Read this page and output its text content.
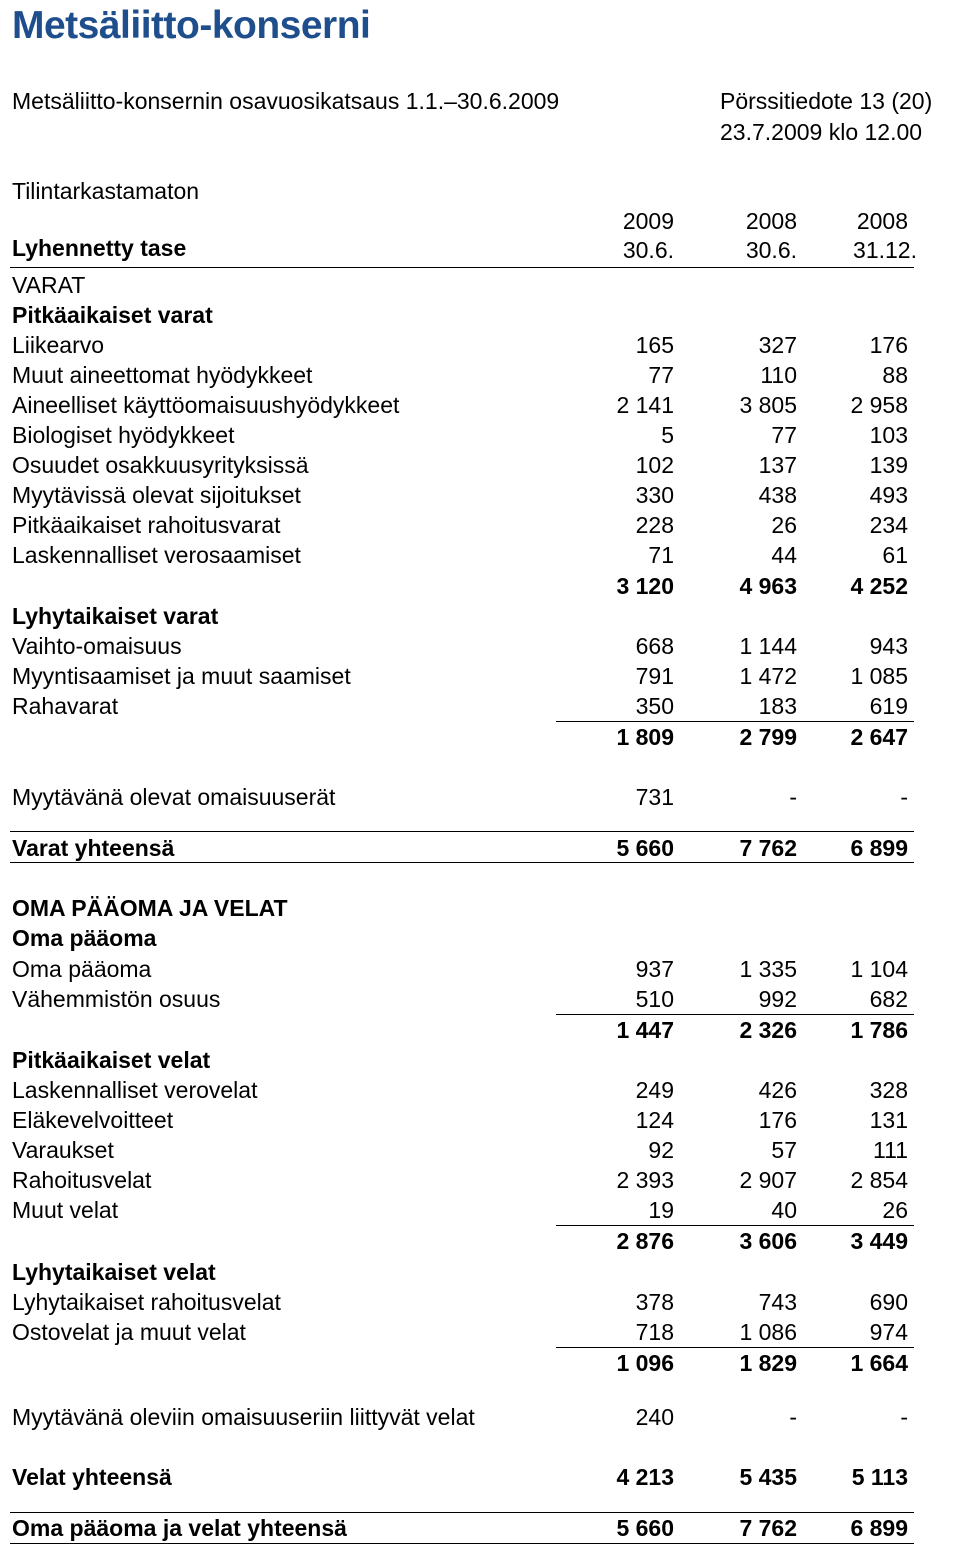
Metsäliitto-konserni
Metsäliitto-konsernin osavuosikatsaus 1.1.–30.6.2009	Pörssitiedote 13 (20)
23.7.2009 klo 12.00
Tilintarkastamaton
Lyhennetty tase
2009	2008	2008
30.6.	30.6.	31.12.
VARAT
Pitkäaikaiset varat
Liikearvo	165	327	176
Muut aineettomat hyödykkeet	77	110	88
Aineelliset käyttöomaisuushyödykkeet	2 141	3 805	2 958
Biologiset hyödykkeet	5	77	103
Osuudet osakkuusyrityksissä	102	137	139
Myytävissä olevat sijoitukset	330	438	493
Pitkäaikaiset rahoitusvarat	228	26	234
Laskennalliset verosaamiset	71	44	61
3 120	4 963	4 252
Lyhytaikaiset varat
Vaihto-omaisuus	668	1 144	943
Myyntisaamiset ja muut saamiset	791	1 472	1 085
Rahavarat	350	183	619
1 809	2 799	2 647
Myytävänä olevat omaisuuserät	731	-	-
Varat yhteensä	5 660	7 762	6 899
OMA PÄÄOMA JA VELAT
Oma pääoma
Oma pääoma	937	1 335	1 104
Vähemmistön osuus	510	992	682
1 447	2 326	1 786
Pitkäaikaiset velat
Laskennalliset verovelat	249	426	328
Eläkevelvoitteet	124	176	131
Varaukset	92	57	111
Rahoitusvelat	2 393	2 907	2 854
Muut velat	19	40	26
2 876	3 606	3 449
Lyhytaikaiset velat
Lyhytaikaiset rahoitusvelat	378	743	690
Ostovelat ja muut velat	718	1 086	974
1 096	1 829	1 664
Myytävänä oleviin omaisuuseriin liittyvät velat	240	-	-
Velat yhteensä	4 213	5 435	5 113
Oma pääoma ja velat yhteensä	5 660	7 762	6 899
